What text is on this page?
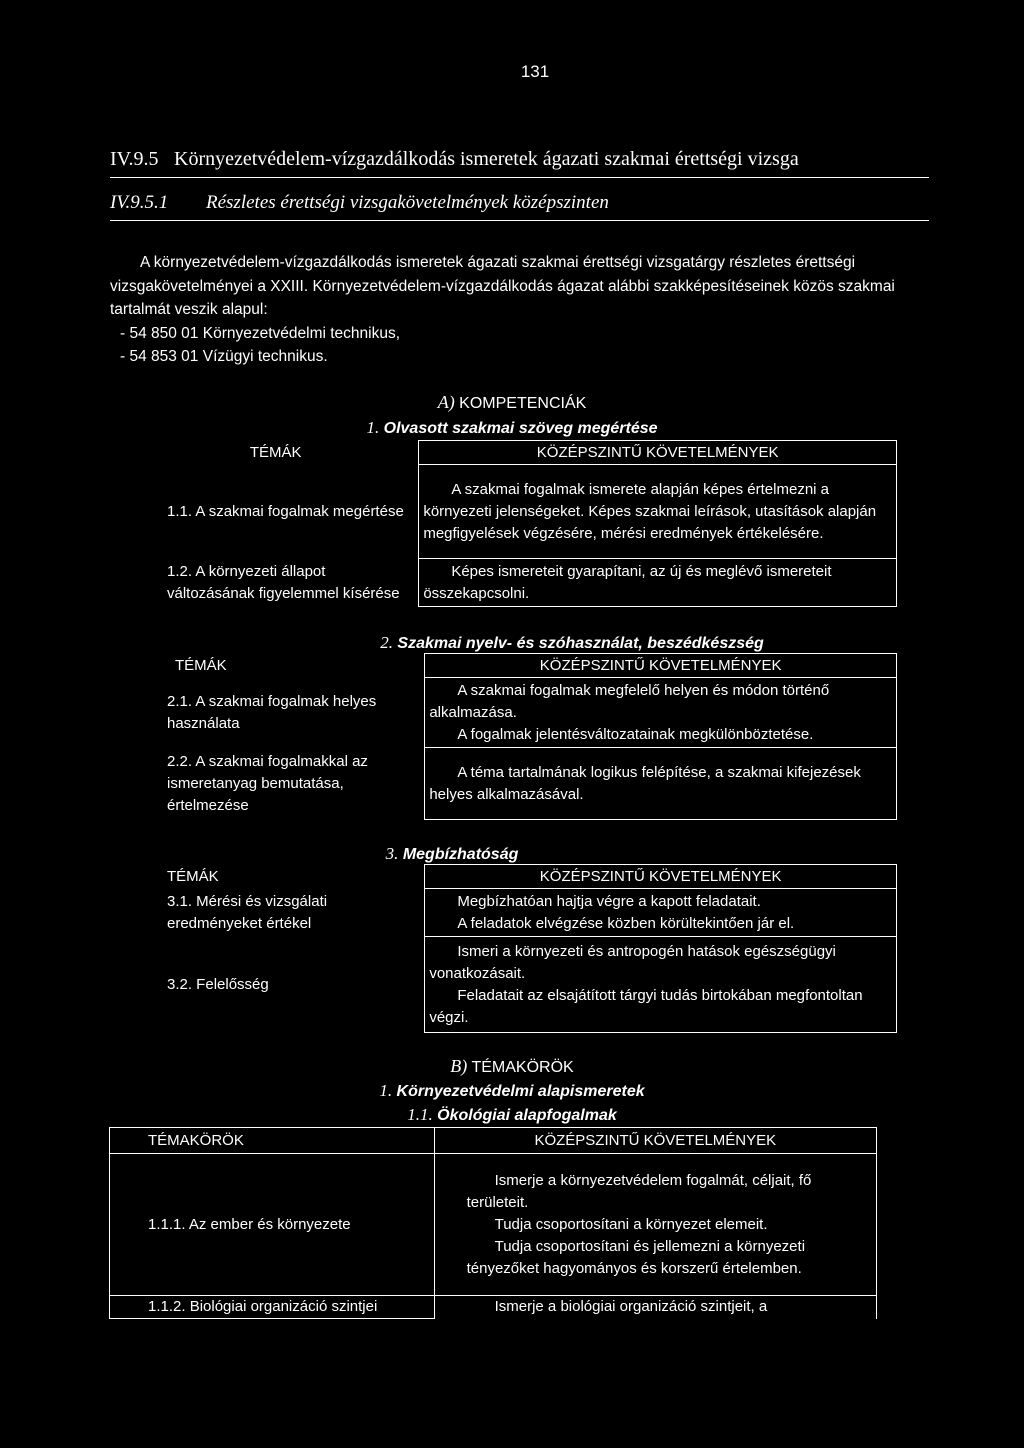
131
IV.9.5 Környezetvédelem-vízgazdálkodás ismeretek ágazati szakmai érettségi vizsga
IV.9.5.1 Részletes érettségi vizsgakövetelmények középszinten

A környezetvédelem-vízgazdálkodás ismeretek ágazati szakmai érettségi vizsgatárgy részletes érettségi vizsgakövetelményei a XXIII. Környezetvédelem-vízgazdálkodás ágazat alábbi szakképesítéseinek közös szakmai tartalmát veszik alapul:

- 54 850 01 Környezetvédelmi technikus,

- 54 853 01 Vízügyi technikus.

A) KOMPETENCIÁK
1. Olvasott szakmai szöveg megértése
TÉMÁK	KÖZÉPSZINTŰ KÖVETELMÉNYEK
1.1. A szakmai fogalmak megértése	A szakmai fogalmak ismerete alapján képes értelmezni a környezeti jelenségeket. Képes szakmai leírások, utasítások alapján megfigyelések végzésére, mérési eredmények értékelésére.
1.2. A környezeti állapot változásának figyelemmel kísérése	Képes ismereteit gyarapítani, az új és meglévő ismereteit összekapcsolni.
2. Szakmai nyelv- és szóhasználat, beszédkészség
TÉMÁK	KÖZÉPSZINTŰ KÖVETELMÉNYEK
2.1. A szakmai fogalmak helyes használata	A szakmai fogalmak megfelelő helyen és módon történő alkalmazása.
A fogalmak jelentésváltozatainak megkülönböztetése.

2.2. A szakmai fogalmakkal az ismeretanyag bemutatása, értelmezése	A téma tartalmának logikus felépítése, a szakmai kifejezések helyes alkalmazásával.
3. Megbízhatóság
TÉMÁK	KÖZÉPSZINTŰ KÖVETELMÉNYEK
3.1. Mérési és vizsgálati eredményeket értékel	Megbízhatóan hajtja végre a kapott feladatait.
A feladatok elvégzése közben körültekintően jár el.

3.2. Felelősség	Ismeri a környezeti és antropogén hatások egészségügyi vonatkozásait.
Feladatait az elsajátított tárgyi tudás birtokában megfontoltan végzi.
B) TÉMAKÖRÖK
1. Környezetvédelmi alapismeretek
1.1. Ökológiai alapfogalmak
TÉMAKÖRÖK	KÖZÉPSZINTŰ KÖVETELMÉNYEK
1.1.1. Az ember és környezete	Ismerje a környezetvédelem fogalmát, céljait, fő területeit.
Tudja csoportosítani a környezet elemeit.
Tudja csoportosítani és jellemezni a környezeti tényezőket hagyományos és korszerű értelemben.

1.1.2. Biológiai organizáció szintjei	Ismerje a biológiai organizáció szintjeit, a
